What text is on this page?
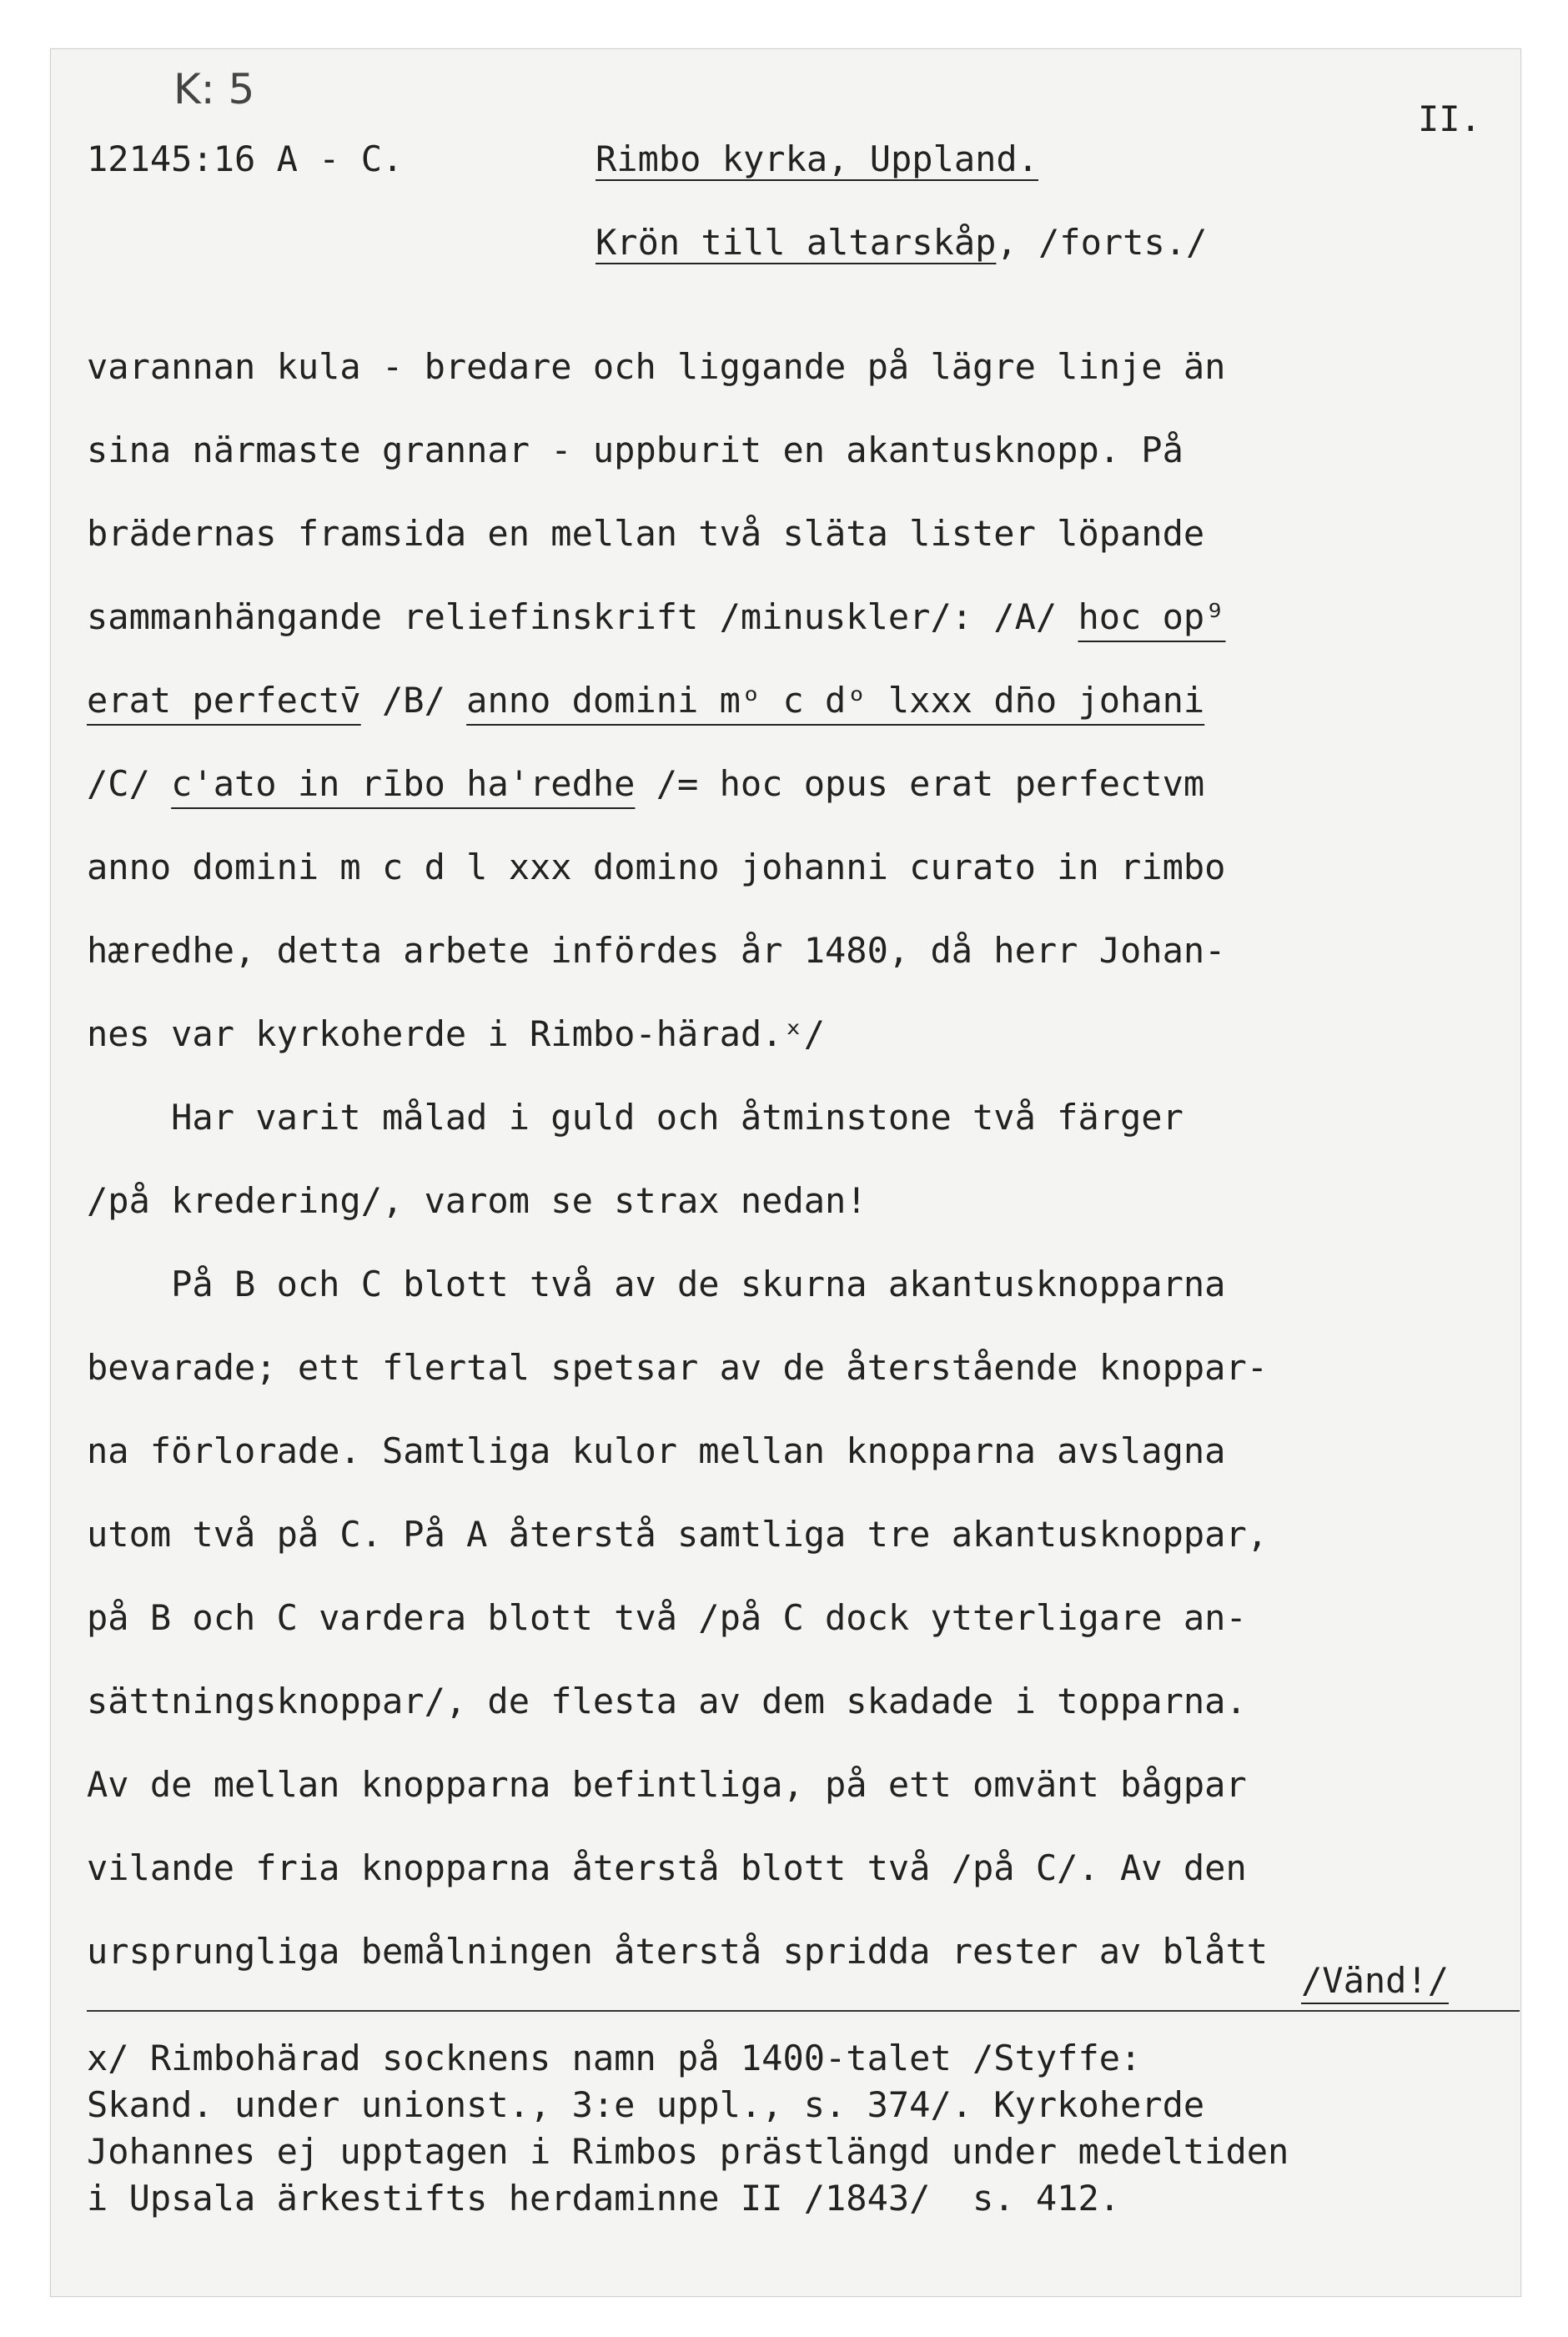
K: 5
II.
12145:16 A - C.	Rimbo kyrka, Uppland.
Krön till altarskåp, /forts./
varannan kula - bredare och liggande på lägre linje än
sina närmaste grannar - uppburit en akantusknopp. På
brädernas framsida en mellan två släta lister löpande
sammanhängande reliefinskrift /minuskler/: /A/ hoc op⁹
erat perfectv̄ /B/ anno domini mᵒ c dᵒ lxxx dn̄o johani
/C/ c'ato in rībo ha'redhe /= hoc opus erat perfectvm
anno domini m c d l xxx domino johanni curato in rimbo
hæredhe, detta arbete infördes år 1480, då herr Johan-
nes var kyrkoherde i Rimbo-härad.ˣ/
Har varit målad i guld och åtminstone två färger
/på kredering/, varom se strax nedan!
På B och C blott två av de skurna akantusknopparna
bevarade; ett flertal spetsar av de återstående knoppar-
na förlorade. Samtliga kulor mellan knopparna avslagna
utom två på C. På A återstå samtliga tre akantusknoppar,
på B och C vardera blott två /på C dock ytterligare an-
sättningsknoppar/, de flesta av dem skadade i topparna.
Av de mellan knopparna befintliga, på ett omvänt bågpar
vilande fria knopparna återstå blott två /på C/. Av den
ursprungliga bemålningen återstå spridda rester av blått
/Vänd!/
x/ Rimbohärad socknens namn på 1400-talet /Styffe:
Skand. under unionst., 3:e uppl., s. 374/. Kyrkoherde
Johannes ej upptagen i Rimbos prästlängd under medeltiden
i Upsala ärkestifts herdaminne II /1843/  s. 412.
